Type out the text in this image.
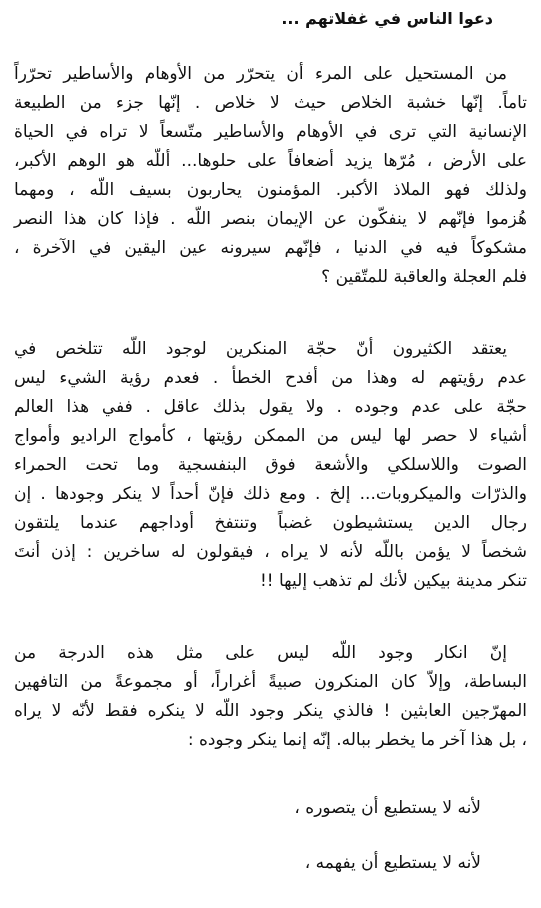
دعوا الناس في غفلاتهم ...
من المستحيل على المرء أن يتحرّر من الأوهام والأساطير تحرّراً
تاماً. إنّها خشبة الخلاص حيث لا خلاص . إنّها جزء من الطبيعة
الإنسانية التي ترى في الأوهام والأساطير متّسعاً لا تراه في الحياة
على الأرض ، مُرّها يزيد أضعافاً على حلوها... أللّه هو الوهم الأكبر،
ولذلك فهو الملاذ الأكبر. المؤمنون يحاربون بسيف اللّه ، ومهما
هُزموا فإنّهم لا ينفكّون عن الإيمان بنصر اللّه . فإذا كان هذا النصر
مشكوكاً فيه في الدنيا ، فإنّهم سيرونه عين اليقين في الآخرة ،
فلم العجلة والعاقبة للمتّقين ؟
يعتقد الكثيرون أنّ حجّة المنكرين لوجود اللّه تتلخص في
عدم رؤيتهم له وهذا من أفدح الخطأ . فعدم رؤية الشيء ليس
حجّة على عدم وجوده . ولا يقول بذلك عاقل . ففي هذا العالم
أشياء لا حصر لها ليس من الممكن رؤيتها ، كأمواج الراديو وأمواج
الصوت واللاسلكي والأشعة فوق البنفسجية وما تحت الحمراء
والذرّات والميكروبات... إلخ . ومع ذلك فإنّ أحداً لا ينكر وجودها . إن
رجال الدين يستشيطون غضباً وتنتفخ أوداجهم عندما يلتقون
شخصاً لا يؤمن باللّه لأنه لا يراه ، فيقولون له ساخرين : إذن أنتَ
تنكر مدينة بيكين لأنك لم تذهب إليها !!
إنّ انكار وجود اللّه ليس على مثل هذه الدرجة من
البساطة، وإلاّ كان المنكرون صبيةً أغراراً، أو مجموعةً من التافهين
المهرّجين العابثين ! فالذي ينكر وجود اللّه لا ينكره فقط لأنّه لا يراه
، بل هذا آخر ما يخطر بباله. إنّه إنما ينكر وجوده :
لأنه لا يستطيع أن يتصوره ،
لأنه لا يستطيع أن يفهمه ،
